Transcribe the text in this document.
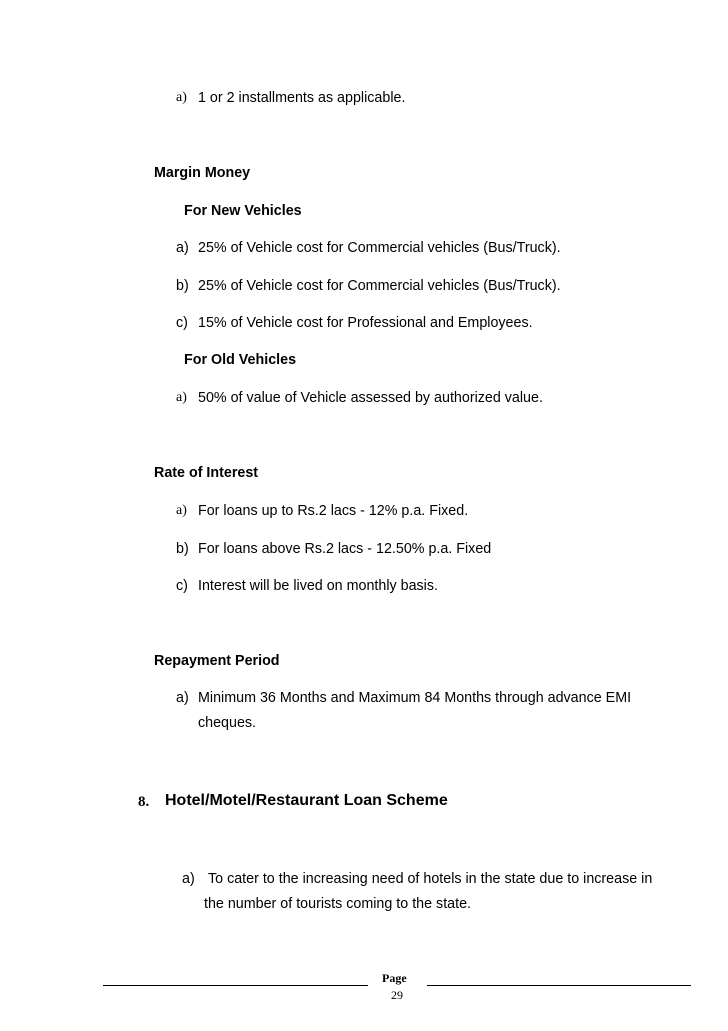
a) 1 or 2 installments as applicable.
Margin Money
For New Vehicles
a) 25% of Vehicle cost for Commercial vehicles (Bus/Truck).
b) 25% of Vehicle cost for Commercial vehicles (Bus/Truck).
c) 15% of Vehicle cost for Professional and Employees.
For Old Vehicles
a) 50% of value of Vehicle assessed by authorized value.
Rate of Interest
a) For loans up to Rs.2 lacs - 12% p.a. Fixed.
b) For loans above Rs.2 lacs - 12.50% p.a. Fixed
c) Interest will be lived on monthly basis.
Repayment Period
a) Minimum 36 Months and Maximum 84 Months through advance EMI
cheques.
8. Hotel/Motel/Restaurant Loan Scheme
a) To cater to the increasing need of hotels in the state due to increase in
the number of tourists coming to the state.
Page
29
